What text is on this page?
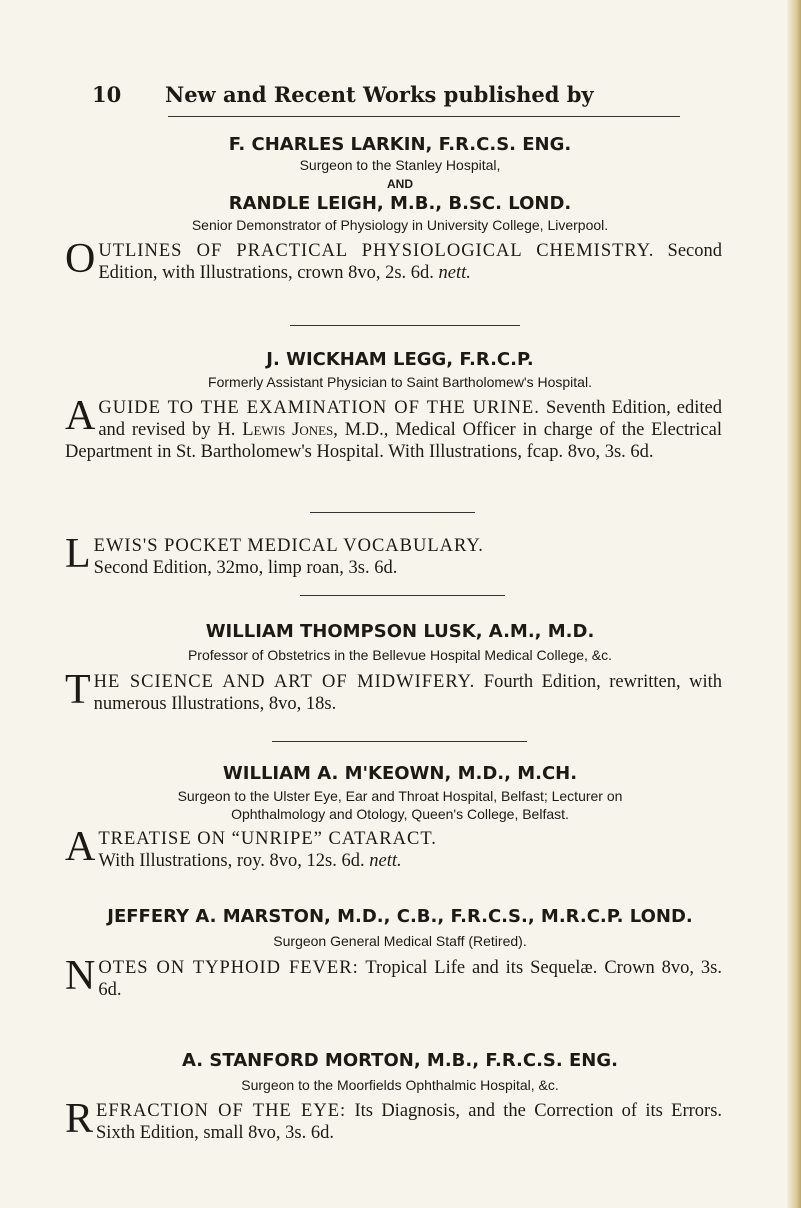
10 New and Recent Works published by
F. CHARLES LARKIN, F.R.C.S. ENG.
Surgeon to the Stanley Hospital,
AND
RANDLE LEIGH, M.B., B.SC. LOND.
Senior Demonstrator of Physiology in University College, Liverpool.
OUTLINES OF PRACTICAL PHYSIOLOGICAL CHEMISTRY. Second Edition, with Illustrations, crown 8vo, 2s. 6d. nett.
J. WICKHAM LEGG, F.R.C.P.
Formerly Assistant Physician to Saint Bartholomew's Hospital.
AGUIDE TO THE EXAMINATION OF THE URINE. Seventh Edition, edited and revised by H. Lewis Jones, M.D., Medical Officer in charge of the Electrical Department in St. Bartholomew's Hospital. With Illustrations, fcap. 8vo, 3s. 6d.
LEWIS'S POCKET MEDICAL VOCABULARY.
Second Edition, 32mo, limp roan, 3s. 6d.
WILLIAM THOMPSON LUSK, A.M., M.D.
Professor of Obstetrics in the Bellevue Hospital Medical College, &c.
THE SCIENCE AND ART OF MIDWIFERY. Fourth Edition, rewritten, with numerous Illustrations, 8vo, 18s.
WILLIAM A. M'KEOWN, M.D., M.CH.
Surgeon to the Ulster Eye, Ear and Throat Hospital, Belfast; Lecturer on
Ophthalmology and Otology, Queen's College, Belfast.
ATREATISE ON “UNRIPE” CATARACT.
With Illustrations, roy. 8vo, 12s. 6d. nett.
JEFFERY A. MARSTON, M.D., C.B., F.R.C.S., M.R.C.P. LOND.
Surgeon General Medical Staff (Retired).
NOTES ON TYPHOID FEVER: Tropical Life and its Sequelæ. Crown 8vo, 3s. 6d.
A. STANFORD MORTON, M.B., F.R.C.S. ENG.
Surgeon to the Moorfields Ophthalmic Hospital, &c.
REFRACTION OF THE EYE: Its Diagnosis, and the Correction of its Errors. Sixth Edition, small 8vo, 3s. 6d.
